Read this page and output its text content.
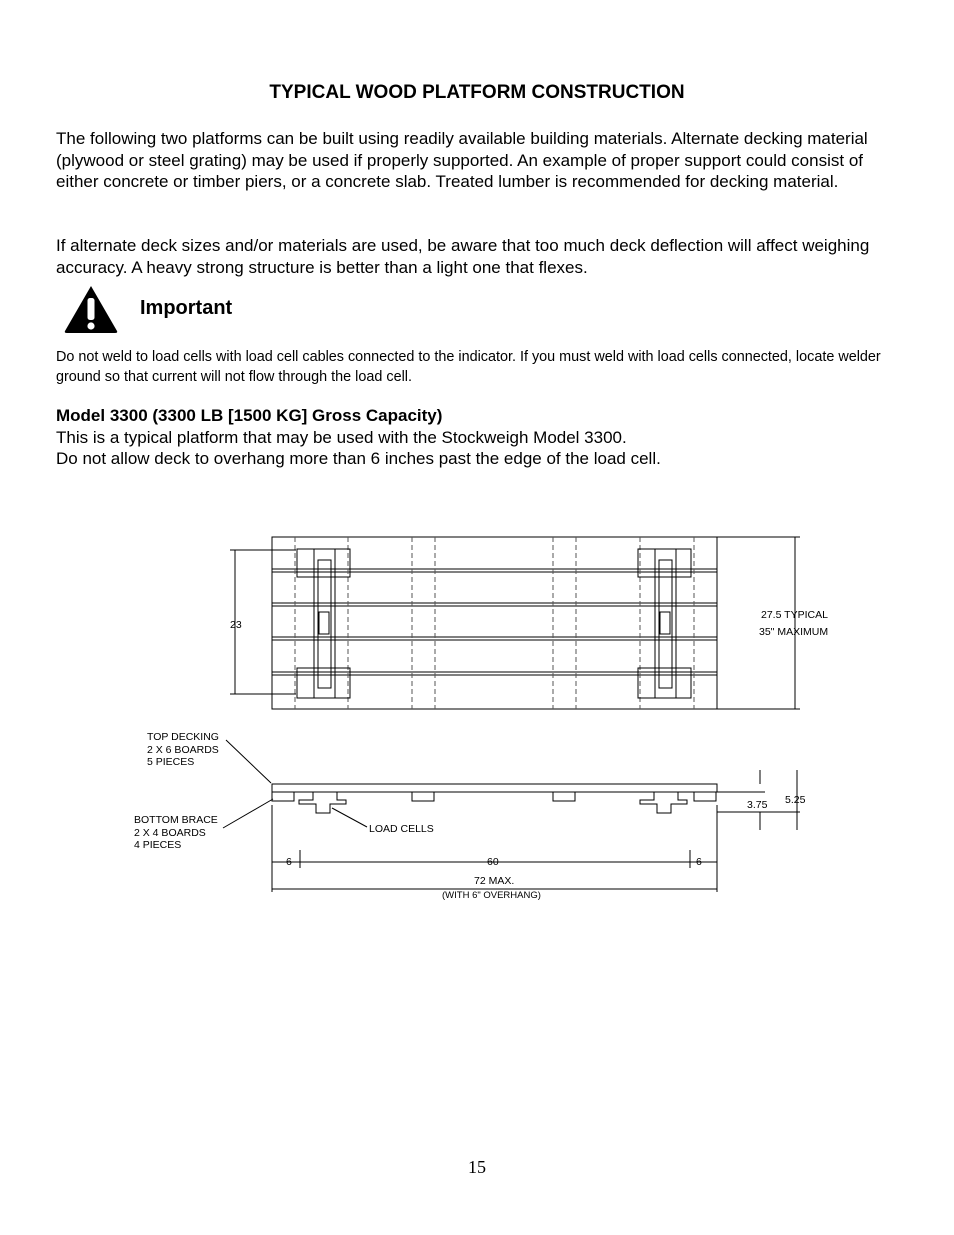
TYPICAL WOOD PLATFORM CONSTRUCTION
The following two platforms can be built using readily available building materials. Alternate decking material (plywood or steel grating) may be used if properly supported. An example of proper support could consist of either concrete or timber piers, or a concrete slab. Treated lumber is recommended for decking material.
If alternate deck sizes and/or materials are used, be aware that too much deck deflection will affect weighing accuracy. A heavy strong structure is better than a light one that flexes.
Important
Do not weld to load cells with load cell cables connected to the indicator. If you must weld with load cells connected, locate welder ground so that current will not flow through the load cell.
Model 3300 (3300 LB [1500 KG] Gross Capacity)
This is a typical platform that may be used with the Stockweigh Model 3300.
Do not allow deck to overhang more than 6 inches past the edge of the load cell.
23
27.5 TYPICAL
35" MAXIMUM
TOP DECKING
2 X 6 BOARDS
5 PIECES
BOTTOM BRACE
2 X 4 BOARDS
4 PIECES
LOAD CELLS
3.75 5.25
6	60	6
72 MAX.
(WITH 6" OVERHANG)
15
